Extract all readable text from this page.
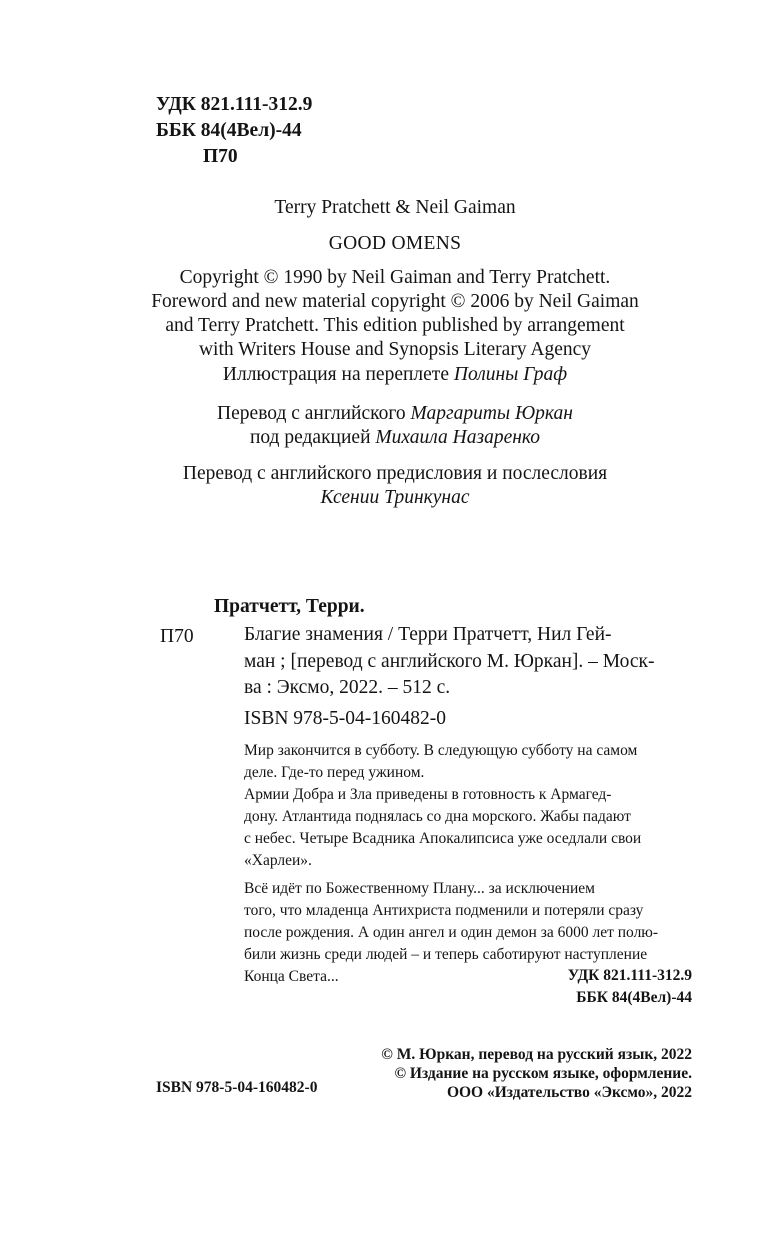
УДК 821.111-312.9
ББК 84(4Вел)-44
П70
Terry Pratchett & Neil Gaiman
GOOD OMENS
Copyright © 1990 by Neil Gaiman and Terry Pratchett.
Foreword and new material copyright © 2006 by Neil Gaiman
and Terry Pratchett. This edition published by arrangement
with Writers House and Synopsis Literary Agency
Иллюстрация на переплете Полины Граф
Перевод с английского Маргариты Юркан
под редакцией Михаила Назаренко
Перевод с английского предисловия и послесловия
Ксении Тринкунас
Пратчетт, Терри.
П70	Благие знамения / Терри Пратчетт, Нил Гей-
ман ; [перевод с английского М. Юркан]. – Моск-
ва : Эксмо, 2022. – 512 с.
ISBN 978-5-04-160482-0
Мир закончится в субботу. В следующую субботу на самом
деле. Где-то перед ужином.
Армии Добра и Зла приведены в готовность к Армагед-
дону. Атлантида поднялась со дна морского. Жабы падают
с небес. Четыре Всадника Апокалипсиса уже оседлали свои
«Харлеи».
Всё идёт по Божественному Плану... за исключением
того, что младенца Антихриста подменили и потеряли сразу
после рождения. А один ангел и один демон за 6000 лет полю-
били жизнь среди людей – и теперь саботируют наступление
Конца Света...	УДК 821.111-312.9
ББК 84(4Вел)-44
© М. Юркан, перевод на русский язык, 2022
© Издание на русском языке, оформление.
ООО «Издательство «Эксмо», 2022
ISBN 978-5-04-160482-0
